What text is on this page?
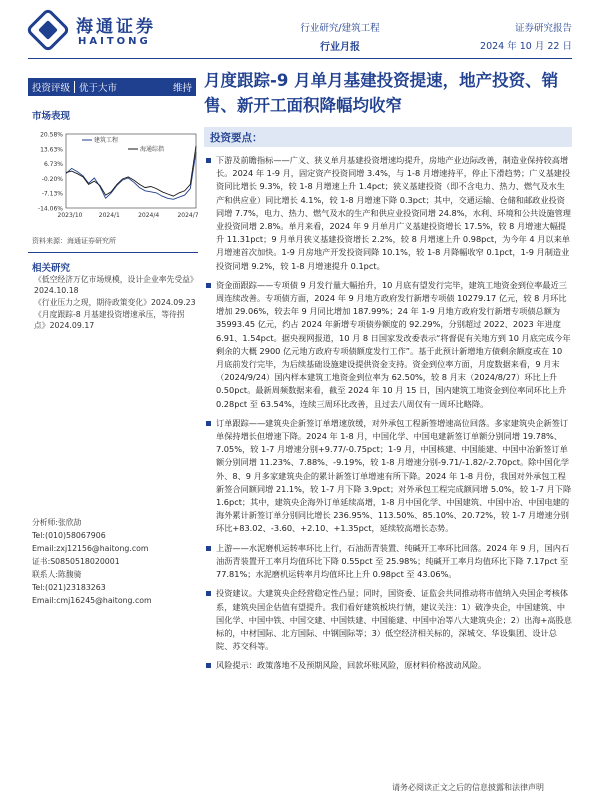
海通证券
HAITONG
行业研究/建筑工程
行业月报
证券研究报告
2024 年 10 月 22 日
投资评级 优于大市	维持 月度跟踪-9 月单月基建投资提速，地产投资、销售、新开工面积降幅均收窄
市场表现
20.58%
13.63%
6.73%
-0.20%
-7.13%
-14.06%
2023/10	2024/1	2024/4	2024/7
建筑工程
海通综指
资料来源：海通证券研究所
相关研究
《低空经济万亿市场规模，设计企业率先受益》2024.10.18
《行业压力之现，期待政策变化》2024.09.23
《月度跟踪-8 月基建投资增速承压，等待拐点》2024.09.17
分析师:张欣劼
Tel:(010)58067906
Email:zxj12156@haitong.com
证书:S0850518020001
联系人:陈馥骑
Tel:(021)23183263
Email:cmj16245@haitong.com
投资要点：
下游及前瞻指标——广义、狭义单月基建投资增速均提升，房地产业边际改善，制造业保持较高增长。2024 年 1-9 月，固定资产投资同增 3.4%，与 1-8 月增速持平，停止下滑趋势；广义基建投资同比增长 9.3%，较 1-8 月增速上升 1.4pct；狭义基建投资（即不含电力、热力、燃气及水生产和供应业）同比增长 4.1%，较 1-8 月增速下降 0.3pct；其中，交通运输、仓储和邮政业投资同增 7.7%，电力、热力、燃气及水的生产和供应业投资同增 24.8%，水利、环境和公共设施管理业投资同增 2.8%。单月来看，2024 年 9 月单月广义基建投资增长 17.5%，较 8 月增速大幅提升 11.31pct；9 月单月狭义基建投资增长 2.2%，较 8 月增速上升 0.98pct，为今年 4 月以来单月增速首次加快。1-9 月房地产开发投资同降 10.1%，较 1-8 月降幅收窄 0.1pct，1-9 月制造业投资同增 9.2%，较 1-8 月增速提升 0.1pct。
资金面跟踪——专项债 9 月发行量大幅抬升，10 月底有望发行完毕，建筑工地资金到位率最近三周连续改善。专项债方面，2024 年 9 月地方政府发行新增专项债 10279.17 亿元，较 8 月环比增加 29.06%，较去年 9 月同比增加 187.99%；24 年 1-9 月地方政府发行新增专项债总额为 35993.45 亿元，约占 2024 年新增专项债券额度的 92.29%，分别超过 2022、2023 年进度 6.91、1.54pct。据央视网报道，10 月 8 日国家发改委表示“将督促有关地方到 10 月底完成今年剩余的大概 2900 亿元地方政府专项债额度发行工作”。基于此预计新增地方债剩余额度或在 10 月底前发行完毕，为后续基础设施建设提供资金支持。资金到位率方面，月度数据来看，9 月末（2024/9/24）国内样本建筑工地资金到位率为 62.50%，较 8 月末（2024/8/27）环比上升 0.50pct。最新周频数据来看，截至 2024 年 10 月 15 日，国内建筑工地资金到位率同环比上升 0.28pct 至 63.54%，连续三周环比改善，且过去八周仅有一周环比略降。
订单跟踪——建筑央企新签订单增速放缓，对外承包工程新签增速高位回落。多家建筑央企新签订单保持增长但增速下降。2024 年 1-8 月，中国化学、中国电建新签订单额分别同增 19.78%、7.05%，较 1-7 月增速分别+9.77/-0.75pct；1-9 月，中国核建、中国能建、中国中冶新签订单额分别同增 11.23%、7.88%、-9.19%，较 1-8 月增速分别-9.71/-1.82/-2.70pct。除中国化学外、8、9 月多家建筑央企的累计新签订单增速有所下降。2024 年 1-8 月份，我国对外承包工程新签合同额同增 21.1%，较 1-7 月下降 3.9pct；对外承包工程完成额同增 5.0%，较 1-7 月下降 1.6pct；其中，建筑央企海外订单延续高增，1-8 月中国化学、中国建筑、中国中冶、中国电建的海外累计新签订单分别同比增长 236.95%、113.50%、85.10%、20.72%，较 1-7 月增速分别环比+83.02、-3.60、+2.10、+1.35pct，延续较高增长态势。
上游——水泥磨机运转率环比上行，石油沥青装置、纯碱开工率环比回落。2024 年 9 月，国内石油沥青装置开工率月均值环比下降 0.55pct 至 25.98%；纯碱开工率月均值环比下降 7.17pct 至 77.81%；水泥磨机运转率月均值环比上升 0.98pct 至 43.06%。
投资建议。大建筑央企经营稳定性凸显；同时，国资委、证监会共同推动将市值纳入央国企考核体系，建筑央国企估值有望提升。我们看好建筑板块行情，建议关注：1）破净央企，中国建筑、中国化学、中国中铁、中国交建、中国铁建、中国能建、中国中冶等八大建筑央企；2）出海+高股息标的，中材国际、北方国际、中钢国际等；3）低空经济相关标的，深城交、华设集团、设计总院、苏交科等。
风险提示：政策落地不及预期风险，回款坏账风险，原材料价格波动风险。
请务必阅读正文之后的信息披露和法律声明
